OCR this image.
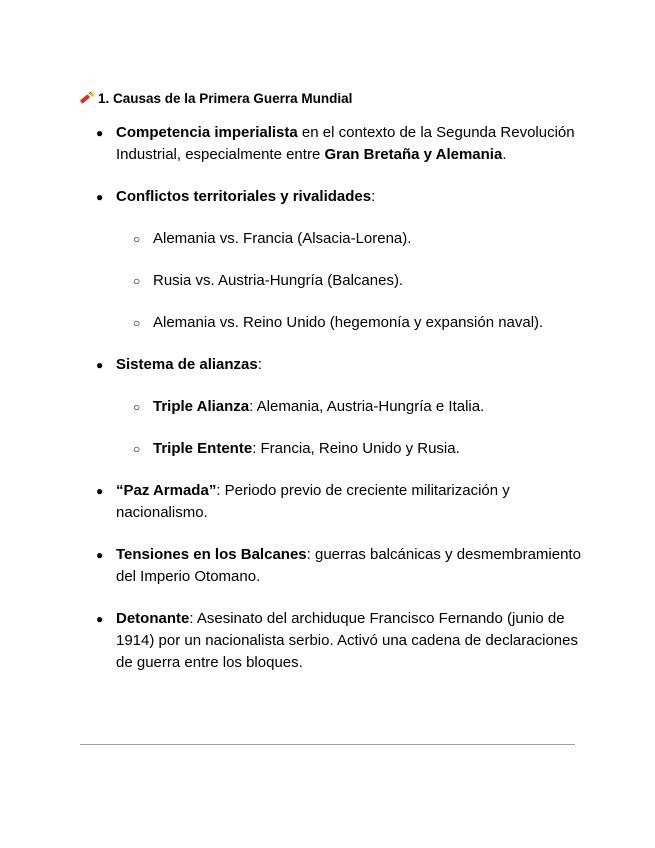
1. Causas de la Primera Guerra Mundial
● Competencia imperialista en el contexto de la Segunda Revolución Industrial, especialmente entre Gran Bretaña y Alemania.
● Conflictos territoriales y rivalidades:
○ Alemania vs. Francia (Alsacia-Lorena).
○ Rusia vs. Austria-Hungría (Balcanes).
○ Alemania vs. Reino Unido (hegemonía y expansión naval).
● Sistema de alianzas:
○ Triple Alianza: Alemania, Austria-Hungría e Italia.
○ Triple Entente: Francia, Reino Unido y Rusia.
● “Paz Armada”: Periodo previo de creciente militarización y nacionalismo.
● Tensiones en los Balcanes: guerras balcánicas y desmembramiento del Imperio Otomano.
● Detonante: Asesinato del archiduque Francisco Fernando (junio de 1914) por un nacionalista serbio. Activó una cadena de declaraciones de guerra entre los bloques.
